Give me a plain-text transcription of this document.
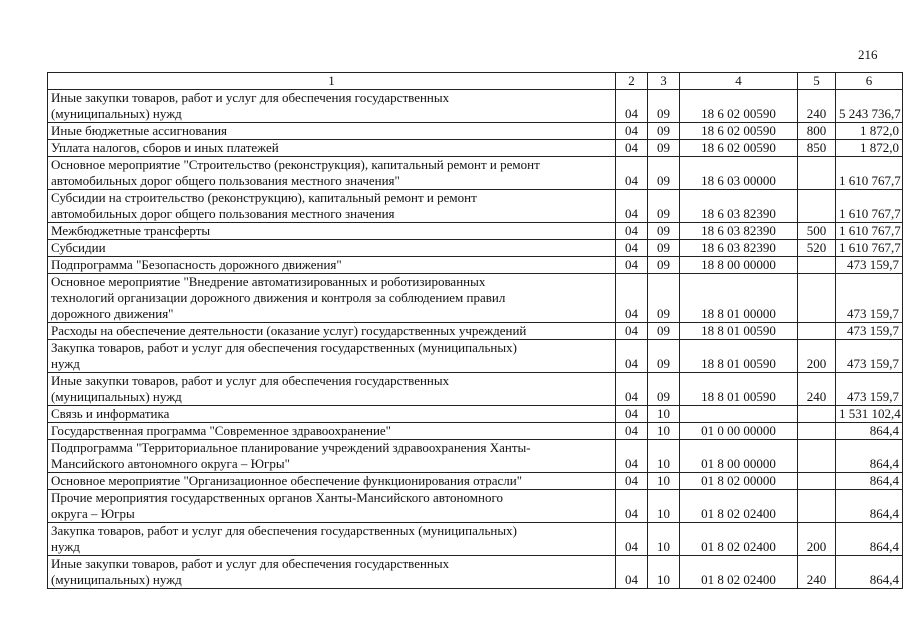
216
1	2	3	4	5	6
Иные закупки товаров, работ и услуг для обеспечения государственных
(муниципальных) нужд	04	09	18 6 02 00590	240	5 243 736,7
Иные бюджетные ассигнования	04	09	18 6 02 00590	800	1 872,0
Уплата налогов, сборов и иных платежей	04	09	18 6 02 00590	850	1 872,0
Основное мероприятие "Строительство (реконструкция), капитальный ремонт и ремонт
автомобильных дорог общего пользования местного значения"	04	09	18 6 03 00000		1 610 767,7
Субсидии на строительство (реконструкцию), капитальный ремонт и ремонт
автомобильных дорог общего пользования местного значения	04	09	18 6 03 82390		1 610 767,7
Межбюджетные трансферты	04	09	18 6 03 82390	500	1 610 767,7
Субсидии	04	09	18 6 03 82390	520	1 610 767,7
Подпрограмма "Безопасность дорожного движения"	04	09	18 8 00 00000		473 159,7
Основное мероприятие "Внедрение автоматизированных и роботизированных
технологий организации дорожного движения и контроля за соблюдением правил
дорожного движения"	04	09	18 8 01 00000		473 159,7
Расходы на обеспечение деятельности (оказание услуг) государственных учреждений	04	09	18 8 01 00590		473 159,7
Закупка товаров, работ и услуг для обеспечения государственных (муниципальных)
нужд	04	09	18 8 01 00590	200	473 159,7
Иные закупки товаров, работ и услуг для обеспечения государственных
(муниципальных) нужд	04	09	18 8 01 00590	240	473 159,7
Связь и информатика	04	10			1 531 102,4
Государственная программа "Современное здравоохранение"	04	10	01 0 00 00000		864,4
Подпрограмма "Территориальное планирование учреждений здравоохранения Ханты-
Мансийского автономного округа – Югры"	04	10	01 8 00 00000		864,4
Основное мероприятие "Организационное обеспечение функционирования отрасли"	04	10	01 8 02 00000		864,4
Прочие мероприятия государственных органов Ханты-Мансийского автономного
округа – Югры	04	10	01 8 02 02400		864,4
Закупка товаров, работ и услуг для обеспечения государственных (муниципальных)
нужд	04	10	01 8 02 02400	200	864,4
Иные закупки товаров, работ и услуг для обеспечения государственных
(муниципальных) нужд	04	10	01 8 02 02400	240	864,4
